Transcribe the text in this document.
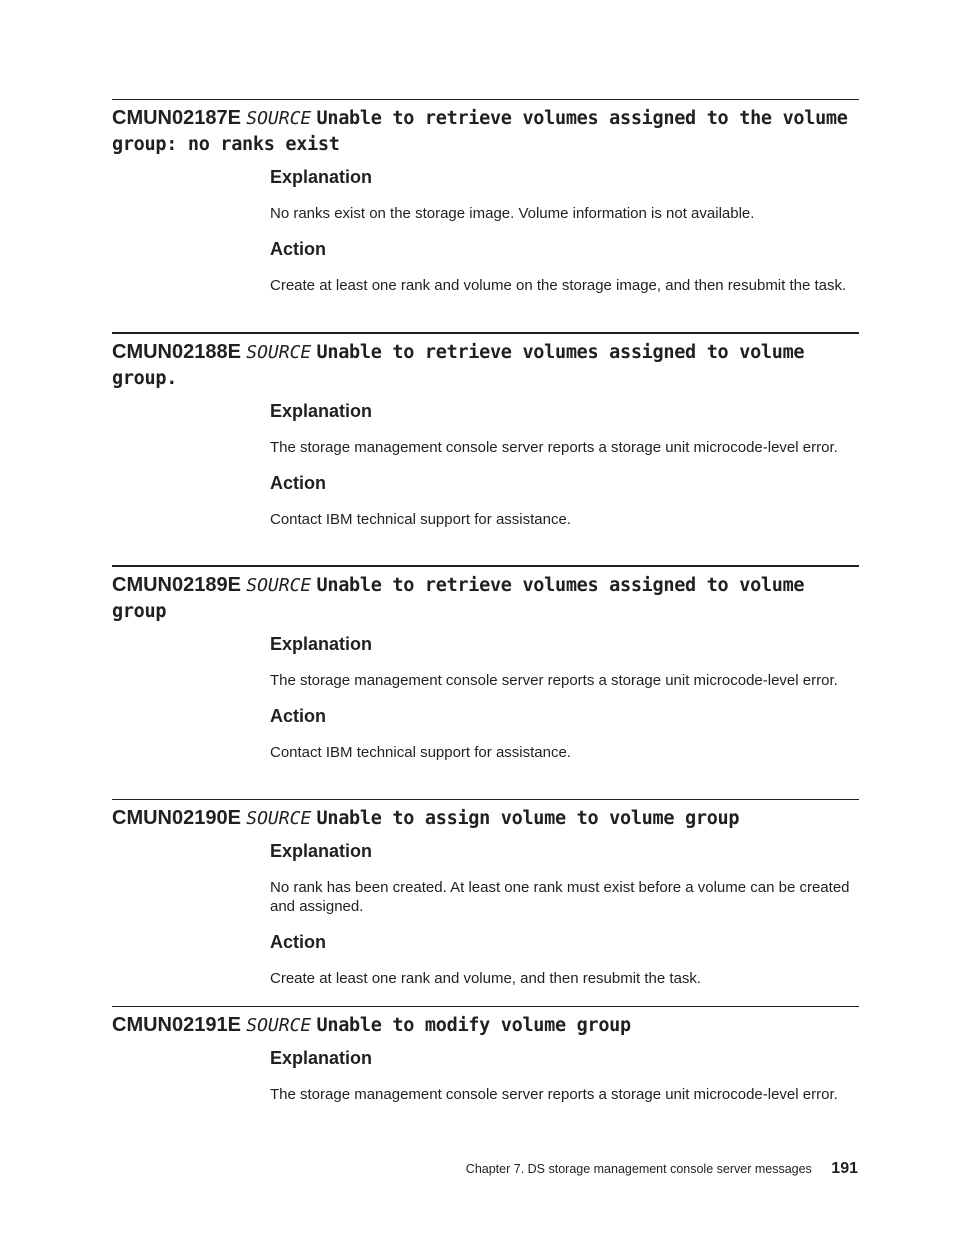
CMUN02187E SOURCE Unable to retrieve volumes assigned to the volume group: no ranks exist
Explanation

No ranks exist on the storage image. Volume information is not available.

Action

Create at least one rank and volume on the storage image, and then resubmit the task.

CMUN02188E SOURCE Unable to retrieve volumes assigned to volume group.
Explanation

The storage management console server reports a storage unit microcode-level error.

Action

Contact IBM technical support for assistance.

CMUN02189E SOURCE Unable to retrieve volumes assigned to volume group
Explanation

The storage management console server reports a storage unit microcode-level error.

Action

Contact IBM technical support for assistance.

CMUN02190E SOURCE Unable to assign volume to volume group
Explanation

No rank has been created. At least one rank must exist before a volume can be created and assigned.

Action

Create at least one rank and volume, and then resubmit the task.

CMUN02191E SOURCE Unable to modify volume group
Explanation

The storage management console server reports a storage unit microcode-level error.

Chapter 7. DS storage management console server messages 191
